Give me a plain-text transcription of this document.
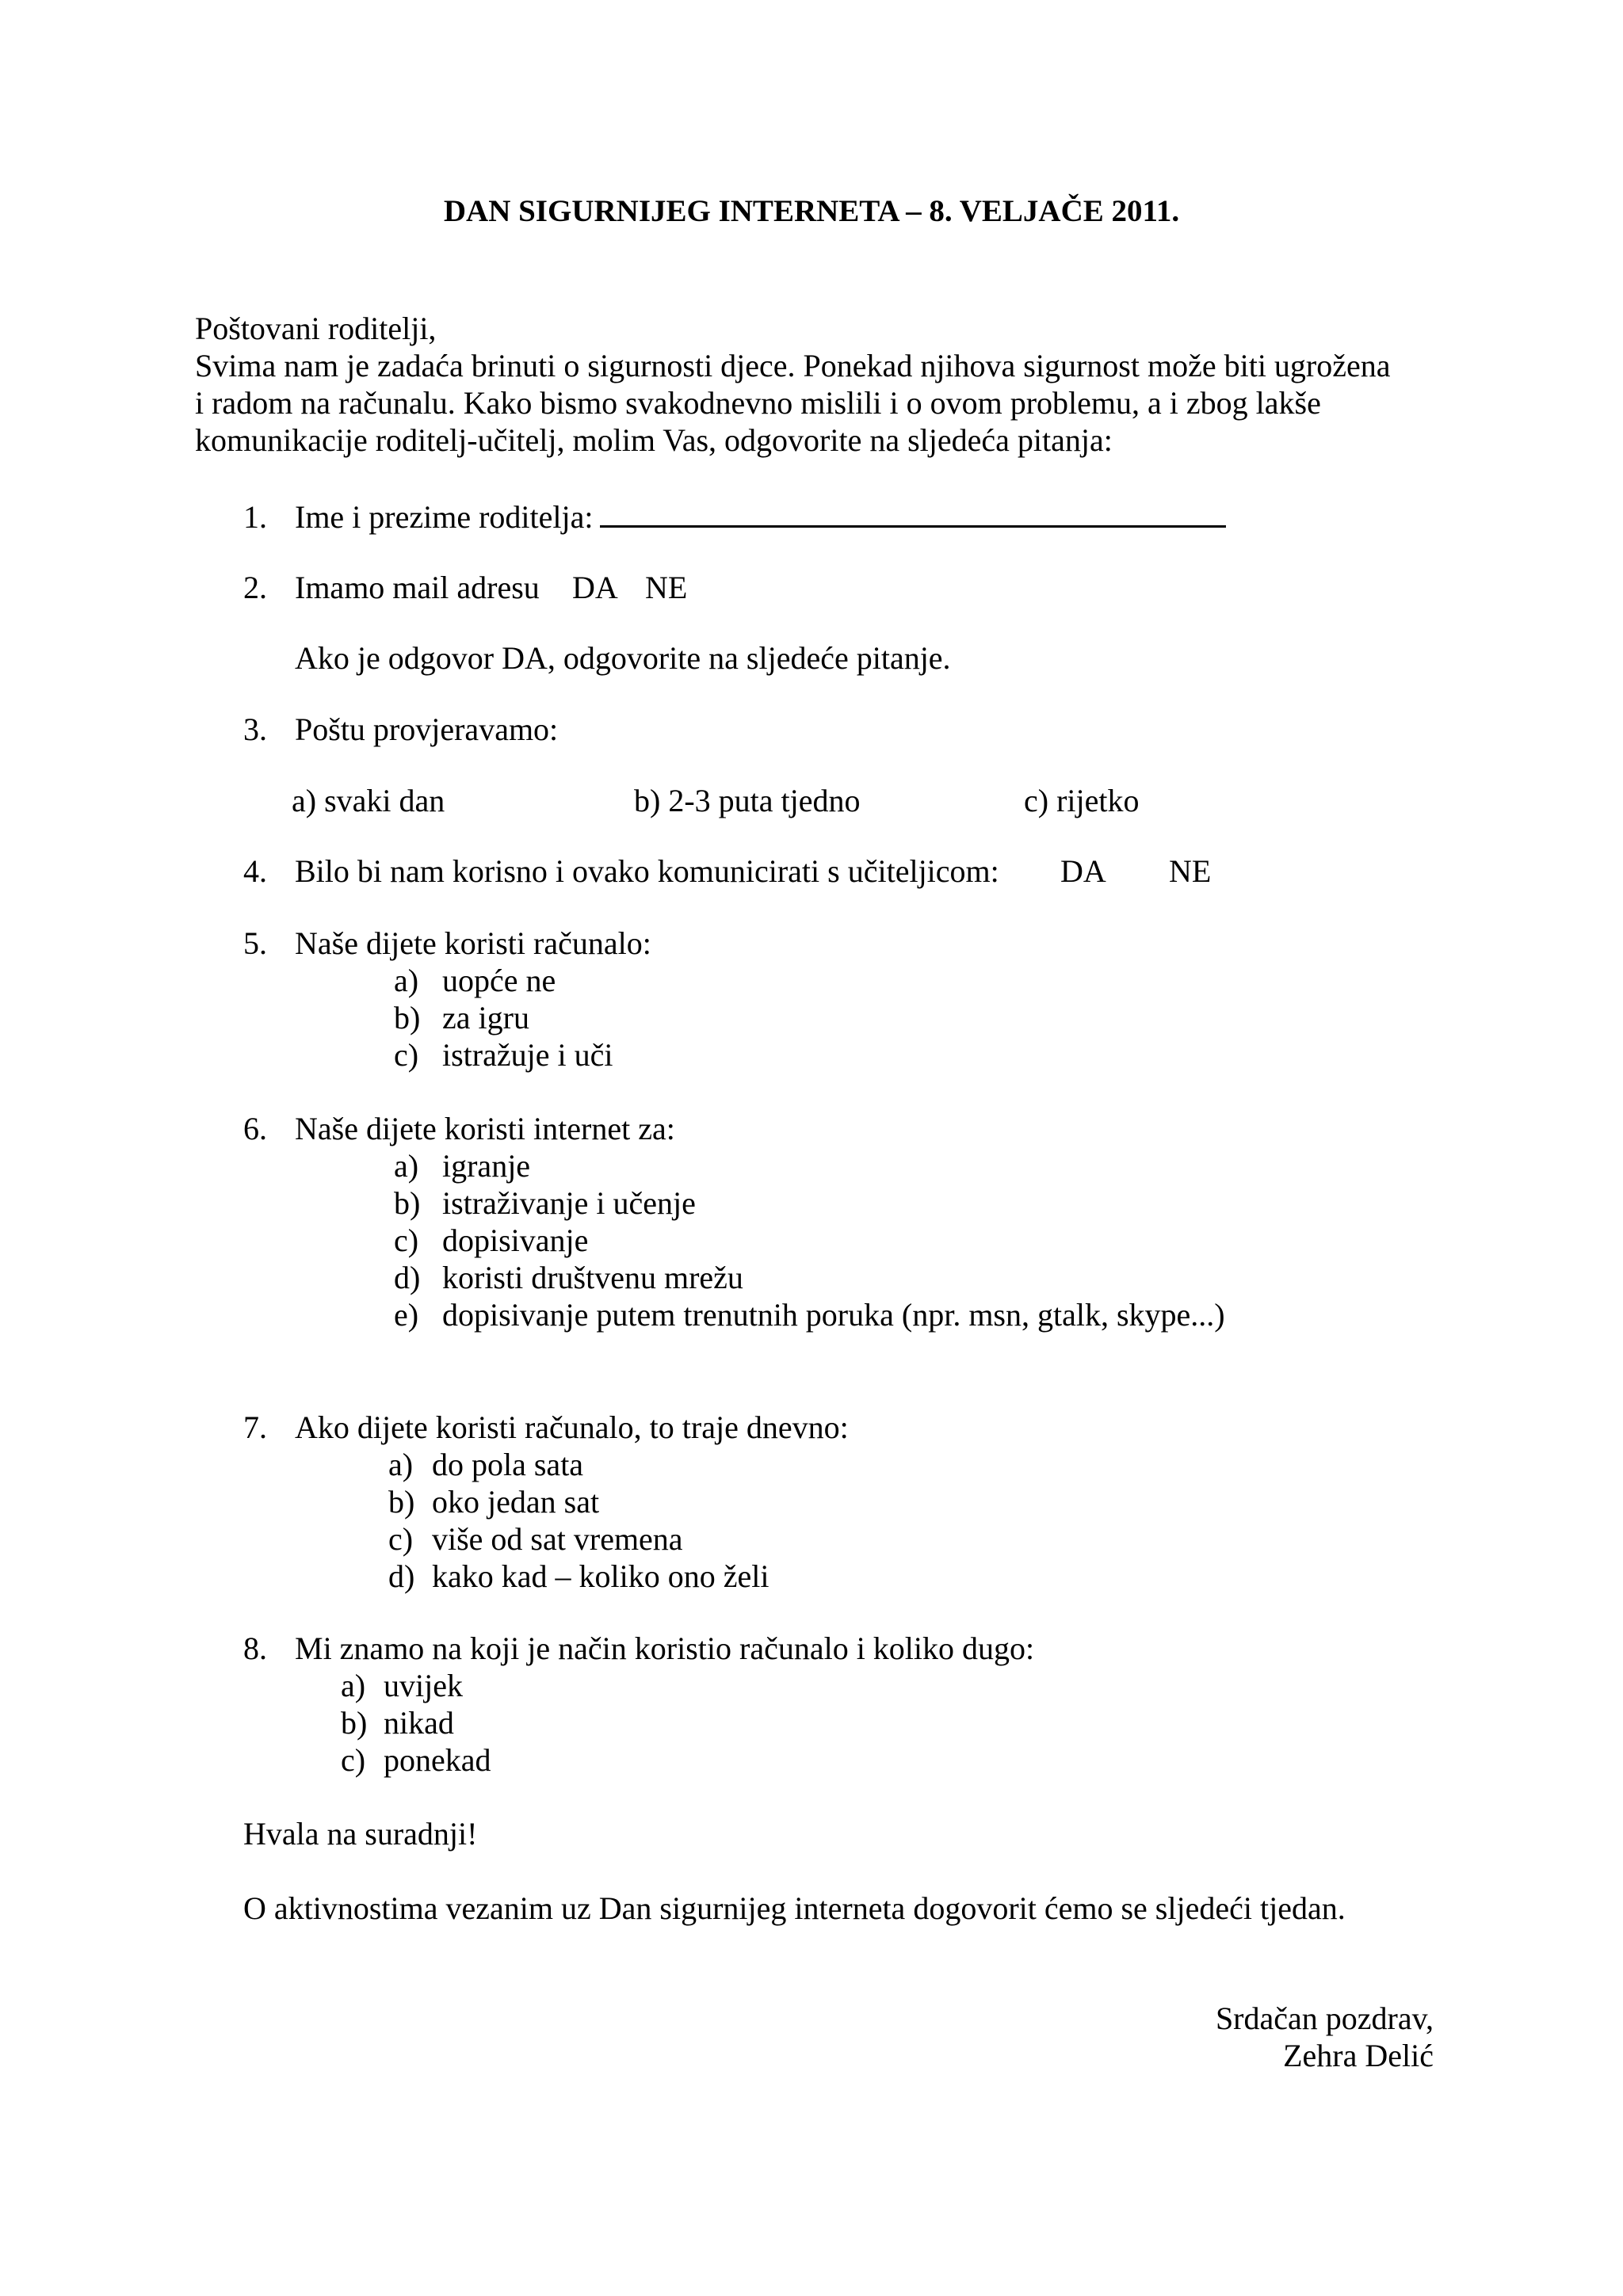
DAN SIGURNIJEG INTERNETA – 8. VELJAČE 2011.
Poštovani roditelji,
Svima nam je zadaća brinuti o sigurnosti djece. Ponekad njihova sigurnost može biti ugrožena
i radom na računalu. Kako bismo svakodnevno mislili i o ovom problemu, a i zbog lakše
komunikacije roditelj-učitelj, molim Vas, odgovorite na sljedeća pitanja:
1. Ime i prezime roditelja:
2. Imamo mail adresu DA NE
Ako je odgovor DA, odgovorite na sljedeće pitanje.
3. Poštu provjeravamo:
a) svaki dan	b) 2-3 puta tjedno	c) rijetko
4. Bilo bi nam korisno i ovako komunicirati s učiteljicom: DA NE
5. Naše dijete koristi računalo:
a) uopće ne
b) za igru
c) istražuje i uči
6. Naše dijete koristi internet za:
a) igranje
b) istraživanje i učenje
c) dopisivanje
d) koristi društvenu mrežu
e) dopisivanje putem trenutnih poruka (npr. msn, gtalk, skype...)
7. Ako dijete koristi računalo, to traje dnevno:
a) do pola sata
b) oko jedan sat
c) više od sat vremena
d) kako kad – koliko ono želi
8. Mi znamo na koji je način koristio računalo i koliko dugo:
a) uvijek
b) nikad
c) ponekad
Hvala na suradnji!
O aktivnostima vezanim uz Dan sigurnijeg interneta dogovorit ćemo se sljedeći tjedan.
Srdačan pozdrav,
Zehra Delić
